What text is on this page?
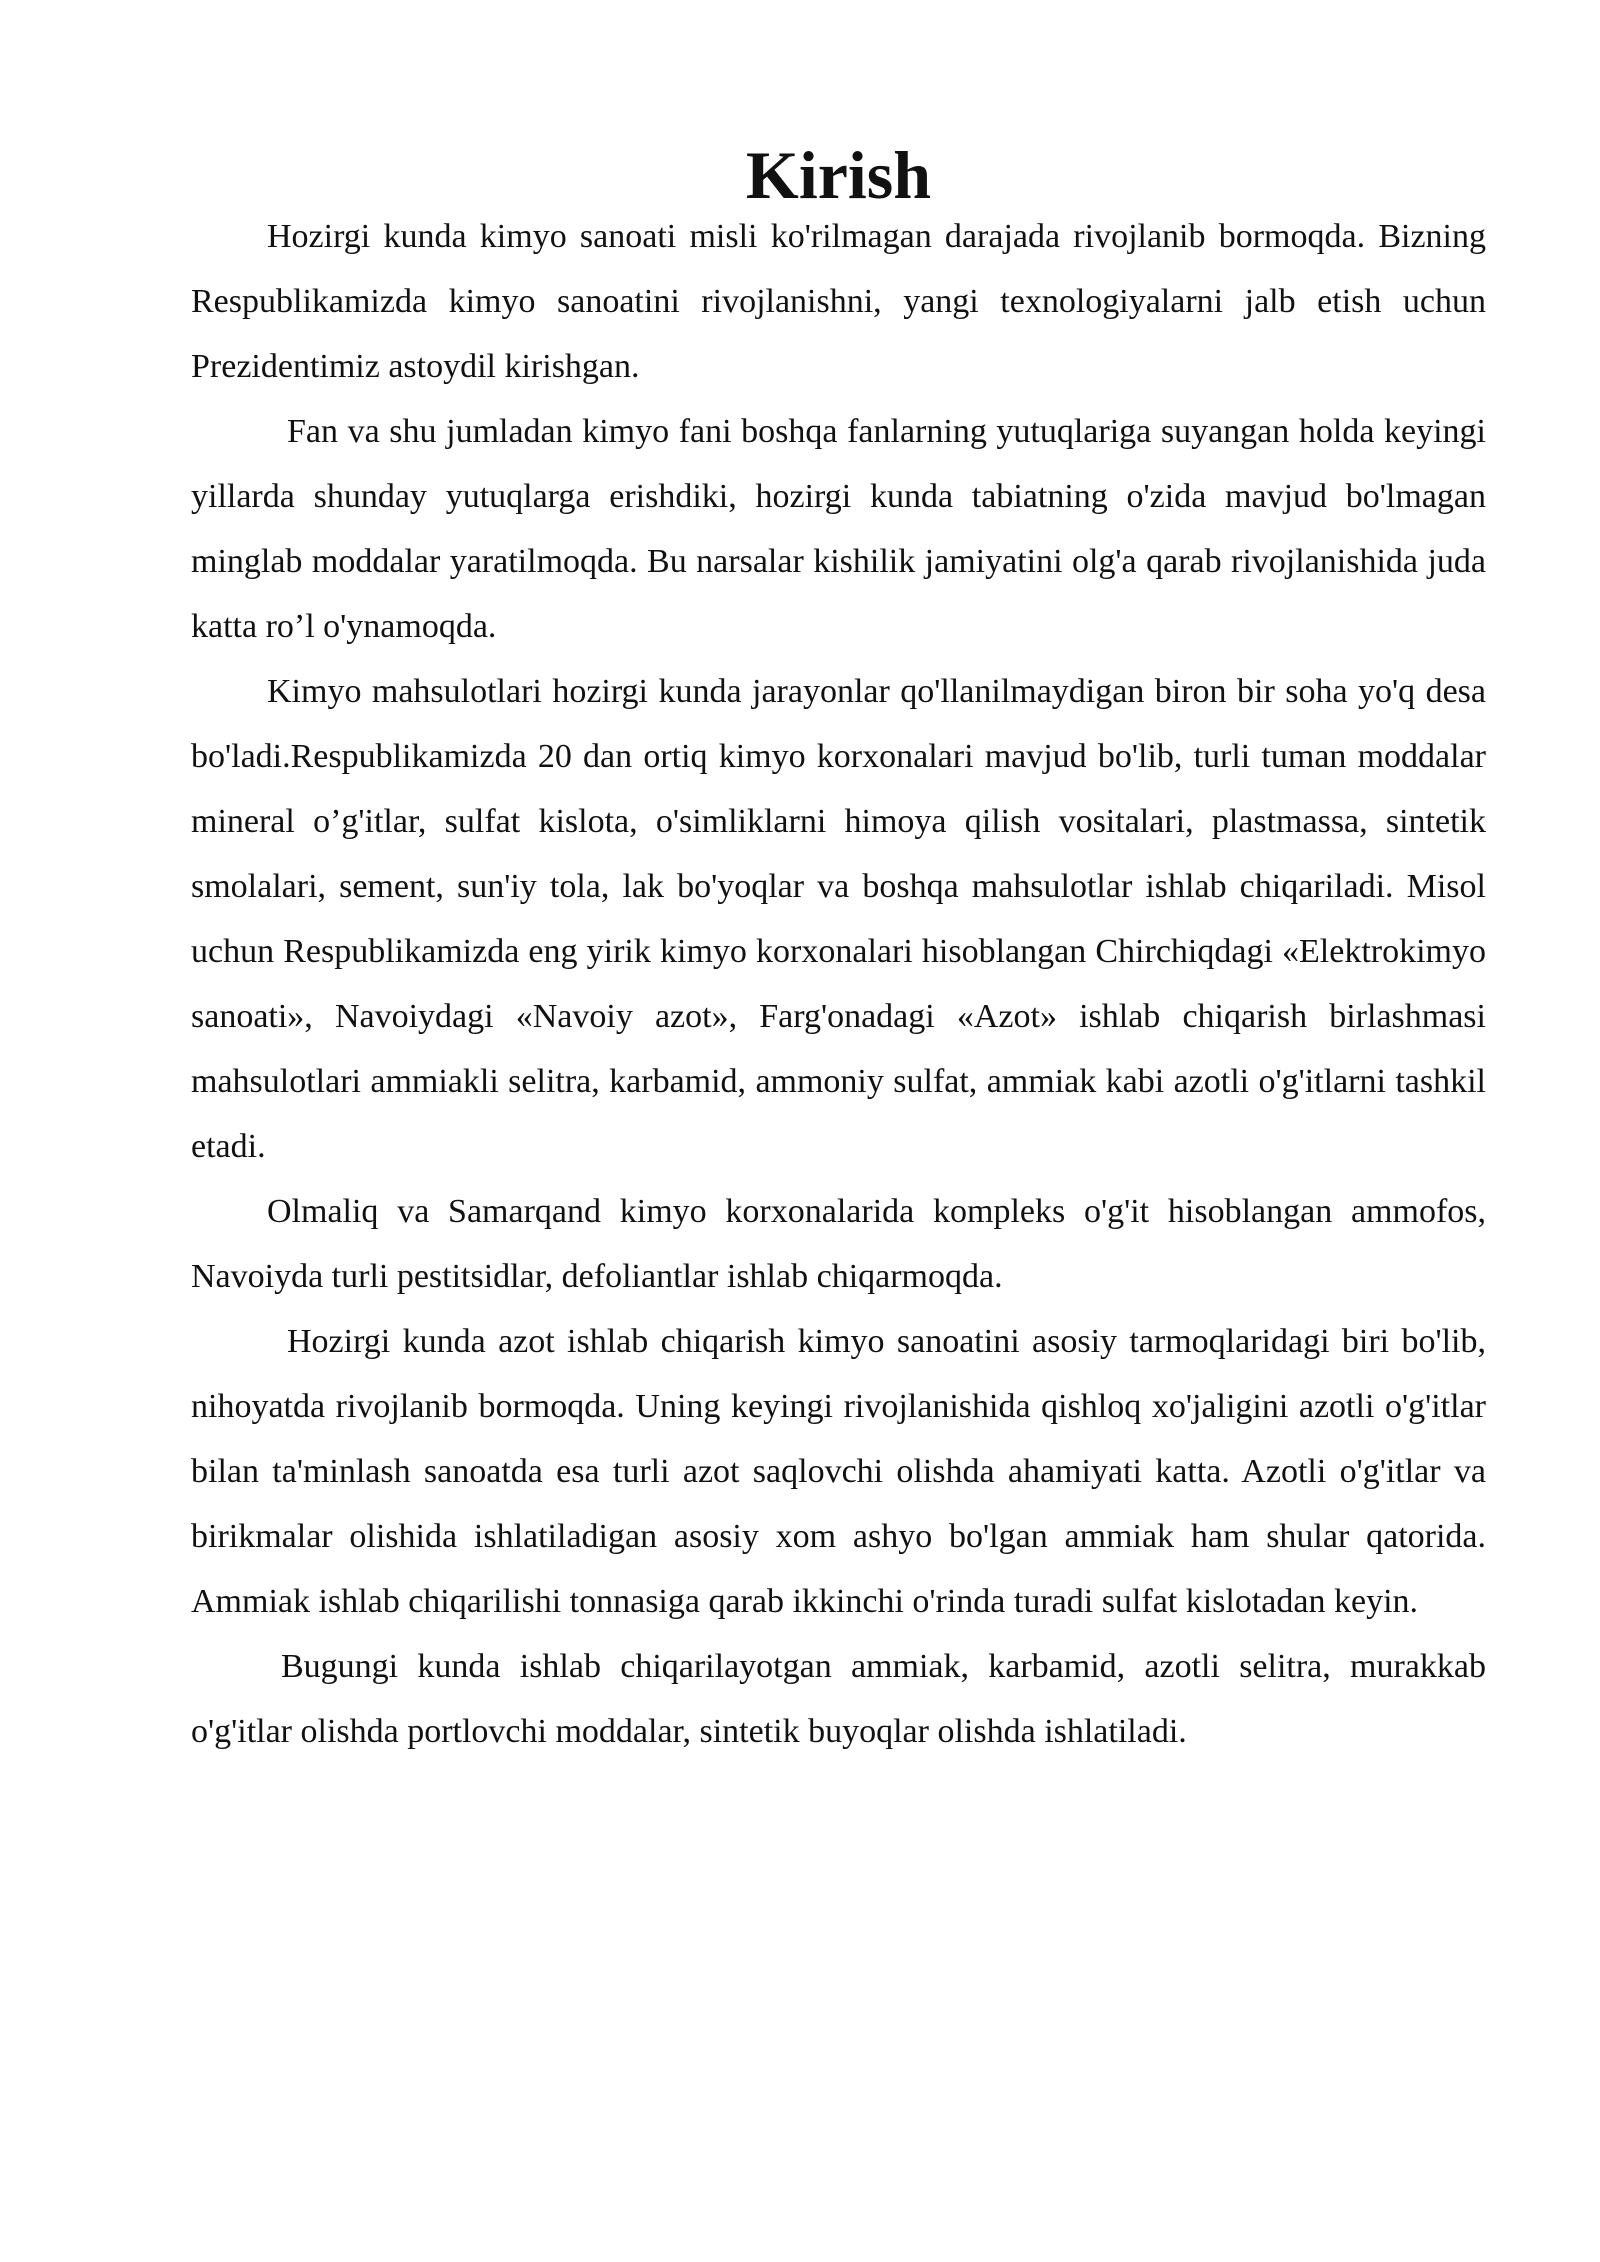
Kirish

Hozirgi kunda kimyo sanoati misli ko'rilmagan darajada rivojlanib bormoqda. Bizning Respublikamizda kimyo sanoatini rivojlanishni, yangi texnologiyalarni jalb etish uchun Prezidentimiz astoydil kirishgan.

Fan va shu jumladan kimyo fani boshqa fanlarning yutuqlariga suyangan holda keyingi yillarda shunday yutuqlarga erishdiki, hozirgi kunda tabiatning o'zida mavjud bo'lmagan minglab moddalar yaratilmoqda. Bu narsalar kishilik jamiyatini olg'a qarab rivojlanishida juda katta ro’l o'ynamoqda.

Kimyo mahsulotlari hozirgi kunda jarayonlar qo'llanilmaydigan biron bir soha yo'q desa bo'ladi.Respublikamizda 20 dan ortiq kimyo korxonalari mavjud bo'lib, turli tuman moddalar mineral o’g'itlar, sulfat kislota, o'simliklarni himoya qilish vositalari, plastmassa, sintetik smolalari, sement, sun'iy tola, lak bo'yoqlar va boshqa mahsulotlar ishlab chiqariladi. Misol uchun Respublikamizda eng yirik kimyo korxonalari hisoblangan Chirchiqdagi «Elektrokimyo sanoati», Navoiydagi «Navoiy azot», Farg'onadagi «Azot» ishlab chiqarish birlashmasi mahsulotlari ammiakli selitra, karbamid, ammoniy sulfat, ammiak kabi azotli o'g'itlarni tashkil etadi.

Olmaliq va Samarqand kimyo korxonalarida kompleks o'g'it hisoblangan ammofos, Navoiyda turli pestitsidlar, defoliantlar ishlab chiqarmoqda.

Hozirgi kunda azot ishlab chiqarish kimyo sanoatini asosiy tarmoqlaridagi biri bo'lib, nihoyatda rivojlanib bormoqda. Uning keyingi rivojlanishida qishloq xo'jaligini azotli o'g'itlar bilan ta'minlash sanoatda esa turli azot saqlovchi olishda ahamiyati katta. Azotli o'g'itlar va birikmalar olishida ishlatiladigan asosiy xom ashyo bo'lgan ammiak ham shular qatorida. Ammiak ishlab chiqarilishi tonnasiga qarab ikkinchi o'rinda turadi sulfat kislotadan keyin.

Bugungi kunda ishlab chiqarilayotgan ammiak, karbamid, azotli selitra, murakkab o'g'itlar olishda portlovchi moddalar, sintetik buyoqlar olishda ishlatiladi.
